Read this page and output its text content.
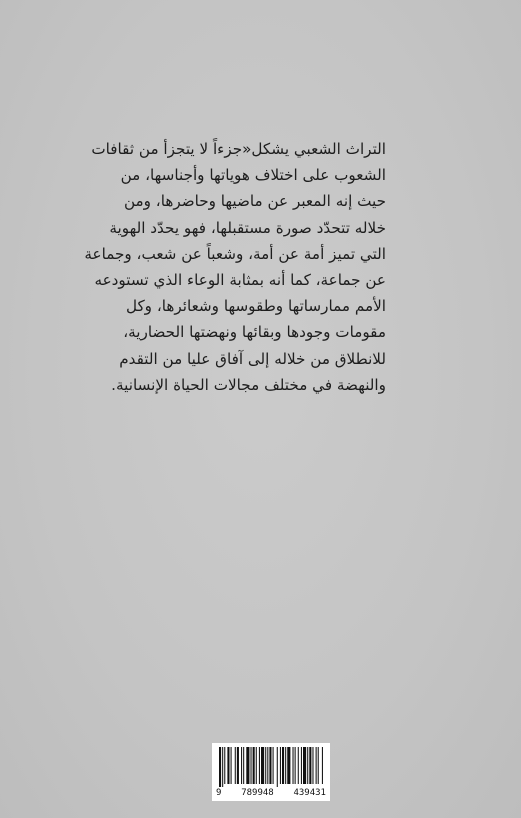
التراث الشعبي يشكل«جزءاً لا يتجزأ من ثقافات
الشعوب على اختلاف هوياتها وأجناسها، من
حيث إنه المعبر عن ماضيها وحاضرها، ومن
خلاله تتحدّد صورة مستقبلها، فهو يحدّد الهوية
التي تميز أمة عن أمة، وشعباً عن شعب، وجماعة
عن جماعة، كما أنه بمثابة الوعاء الذي تستودعه
الأمم ممارساتها وطقوسها وشعائرها، وكل
مقومات وجودها وبقائها ونهضتها الحضارية،
للانطلاق من خلاله إلى آفاق عليا من التقدم
والنهضة في مختلف مجالات الحياة الإنسانية.
9 789948 439431
